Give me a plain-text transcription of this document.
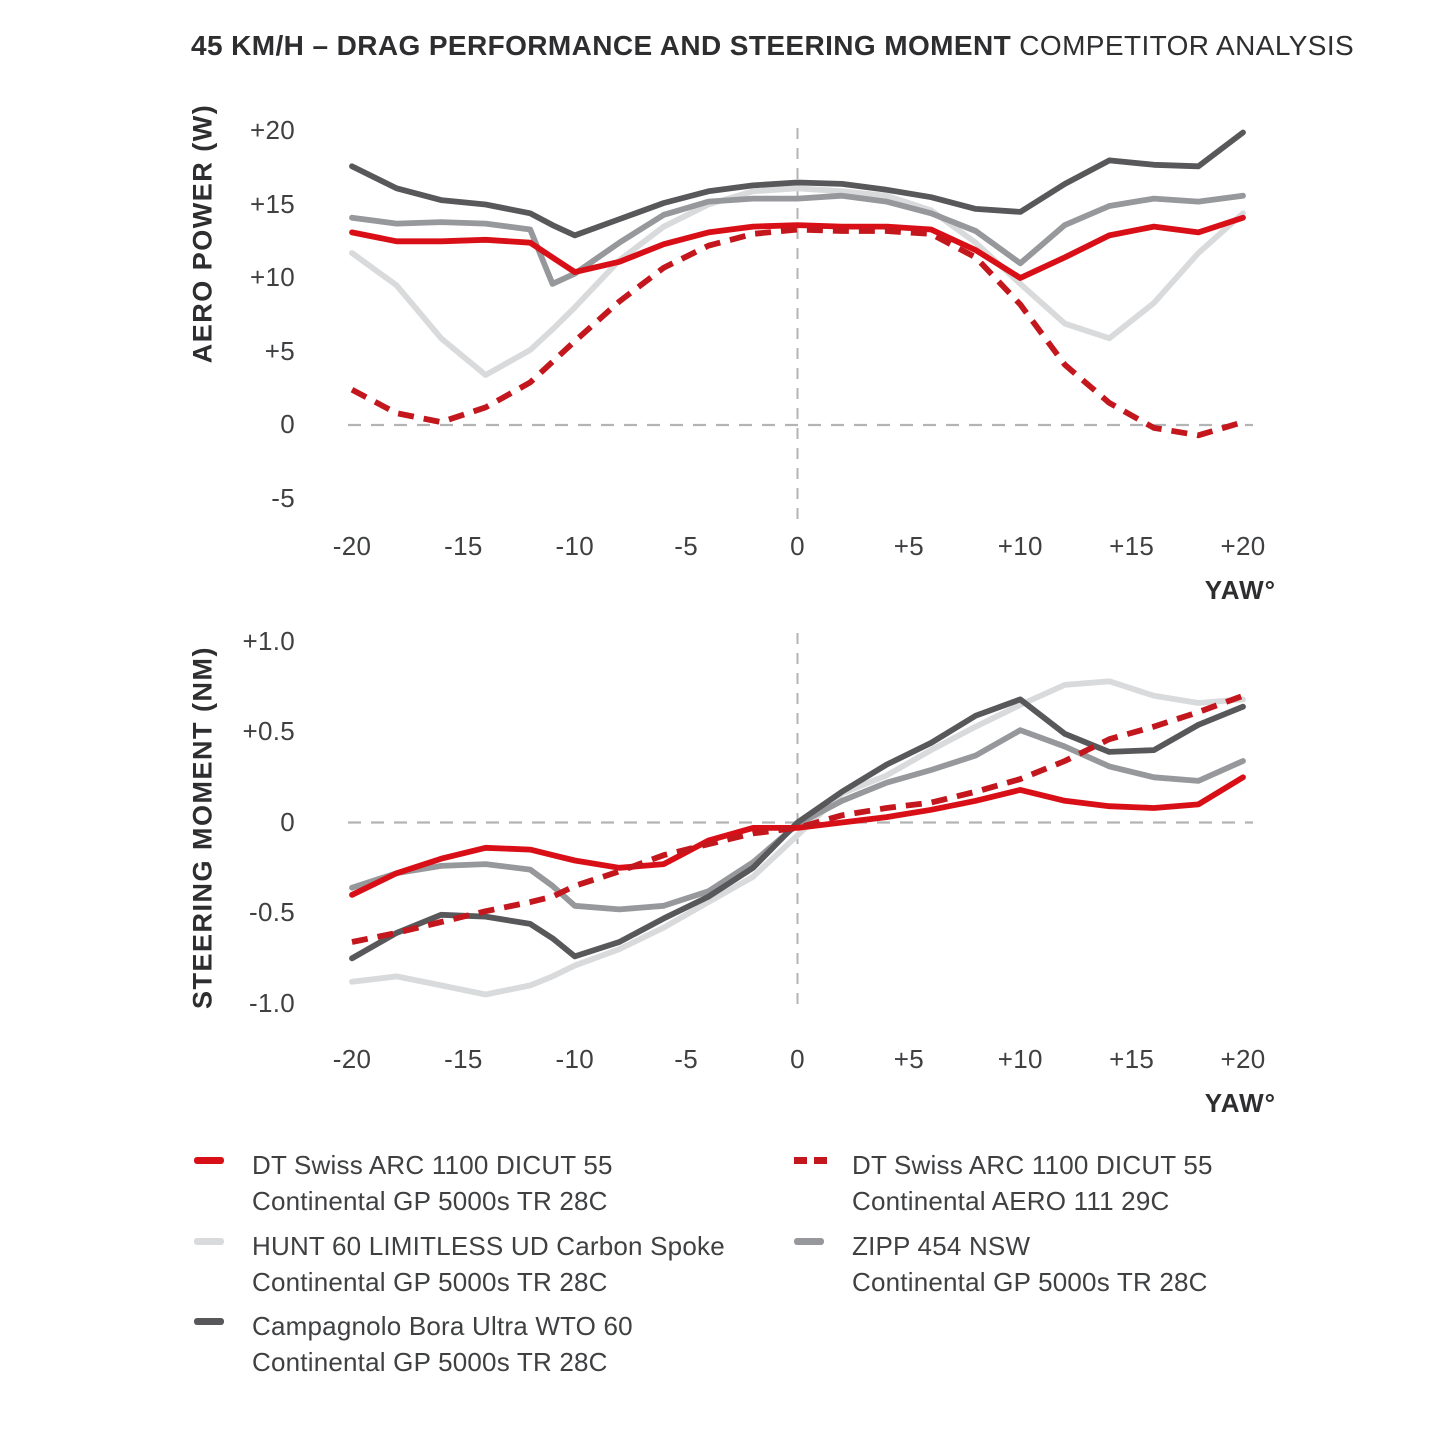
45 KM/H – DRAG PERFORMANCE AND STEERING MOMENT COMPETITOR ANALYSIS
AERO POWER (W)
STEERING MOMENT (NM)
YAW°
YAW°
+20
+15
+10
+5
0
-5
-20	-15	-10	-5	0	+5	+10	+15	+20
+1.0
+0.5
0
-0.5
-1.0
-20	-15	-10	-5	0	+5	+10	+15	+20
DT Swiss ARC 1100 DICUT 55
Continental GP 5000s TR 28C
HUNT 60 LIMITLESS UD Carbon Spoke
Continental GP 5000s TR 28C
Campagnolo Bora Ultra WTO 60
Continental GP 5000s TR 28C
DT Swiss ARC 1100 DICUT 55
Continental AERO 111 29C
ZIPP 454 NSW
Continental GP 5000s TR 28C
